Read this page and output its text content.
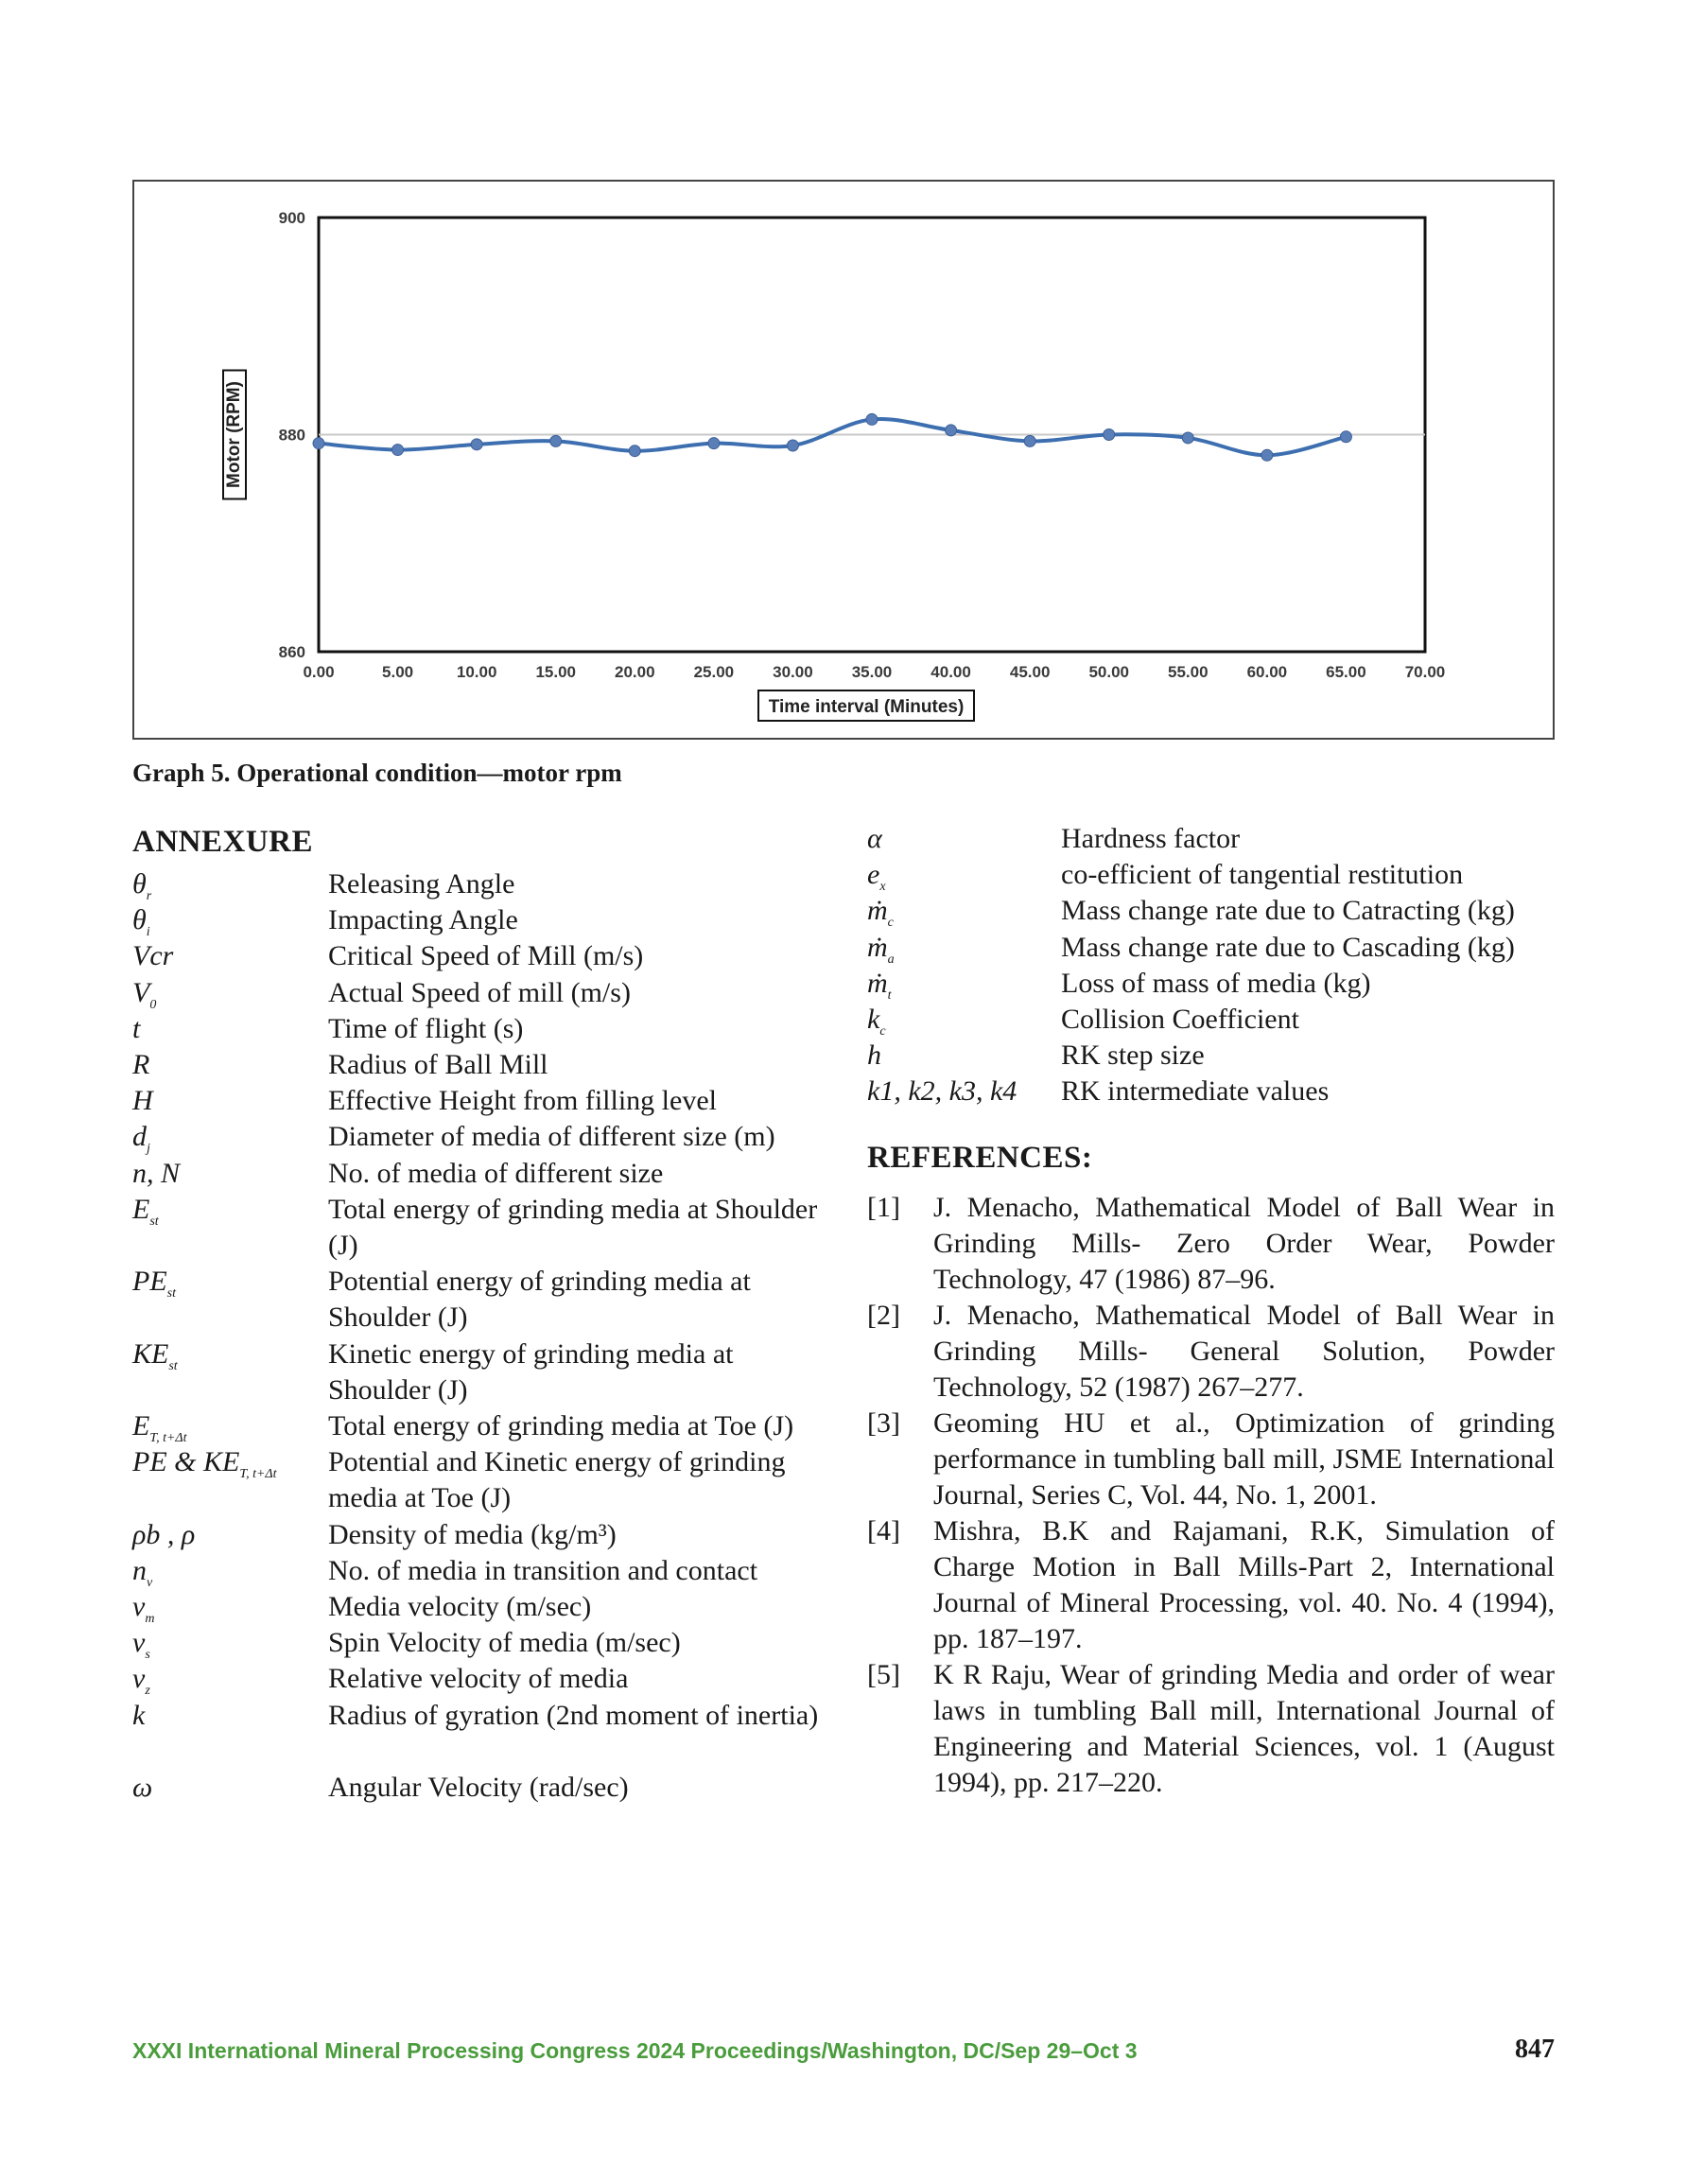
860
880
900
0.00	5.00	10.00 15.00 20.00 25.00 30.00 35.00 40.00 45.00 50.00 55.00 60.00 65.00 70.00
Motor (RPM)
Time interval (Minutes)
Graph 5. Operational condition—motor rpm
ANNEXURE
$\theta_r$	Releasing Angle
$\theta_i$	Impacting Angle
Vcr	Critical Speed of Mill (m/s)
$V_0$	Actual Speed of mill (m/s)
t	Time of flight (s)
R	Radius of Ball Mill
H	Effective Height from filling level
$d_j$	Diameter of media of different size (m)
n, N	No. of media of different size
$E_{st}$	Total energy of grinding media at Shoulder (J)
$PE_{st}$	Potential energy of grinding media at Shoulder (J)
$KE_{st}$	Kinetic energy of grinding media at Shoulder (J)
$E_{T, t+\Delta t}$	Total energy of grinding media at Toe (J)
PE & $KE_{T, t+\Delta t}$ Potential and Kinetic energy of grinding media at Toe (J)
ρb , ρ	Density of media (kg/m³)
$n_v$	No. of media in transition and contact
$v_m$	Media velocity (m/sec)
$v_s$	Spin Velocity of media (m/sec)
$v_z$	Relative velocity of media
k	Radius of gyration (2nd moment of inertia)
ω	Angular Velocity (rad/sec)
α	Hardness factor
$e_x$	co-efficient of tangential restitution
ṁ$_c$	Mass change rate due to Catracting (kg)
ṁ$_a$	Mass change rate due to Cascading (kg)
ṁ$_t$	Loss of mass of media (kg)
$k_c$	Collision Coefficient
h	RK step size
k1, k2, k3, k4 RK intermediate values
REFERENCES:

[1] J. Menacho, Mathematical Model of Ball Wear in Grinding Mills- Zero Order Wear, Powder Technology, 47 (1986) 87–96.

[2] J. Menacho, Mathematical Model of Ball Wear in Grinding Mills- General Solution, Powder Technology, 52 (1987) 267–277.

[3] Geoming HU et al., Optimization of grinding performance in tumbling ball mill, JSME International Journal, Series C, Vol. 44, No. 1, 2001.

[4] Mishra, B.K and Rajamani, R.K, Simulation of Charge Motion in Ball Mills-Part 2, International Journal of Mineral Processing, vol. 40. No. 4 (1994), pp. 187–197.

[5] K R Raju, Wear of grinding Media and order of wear laws in tumbling Ball mill, International Journal of Engineering and Material Sciences, vol. 1 (August 1994), pp. 217–220.

XXXI International Mineral Processing Congress 2024 Proceedings/Washington, DC/Sep 29–Oct 3	847
